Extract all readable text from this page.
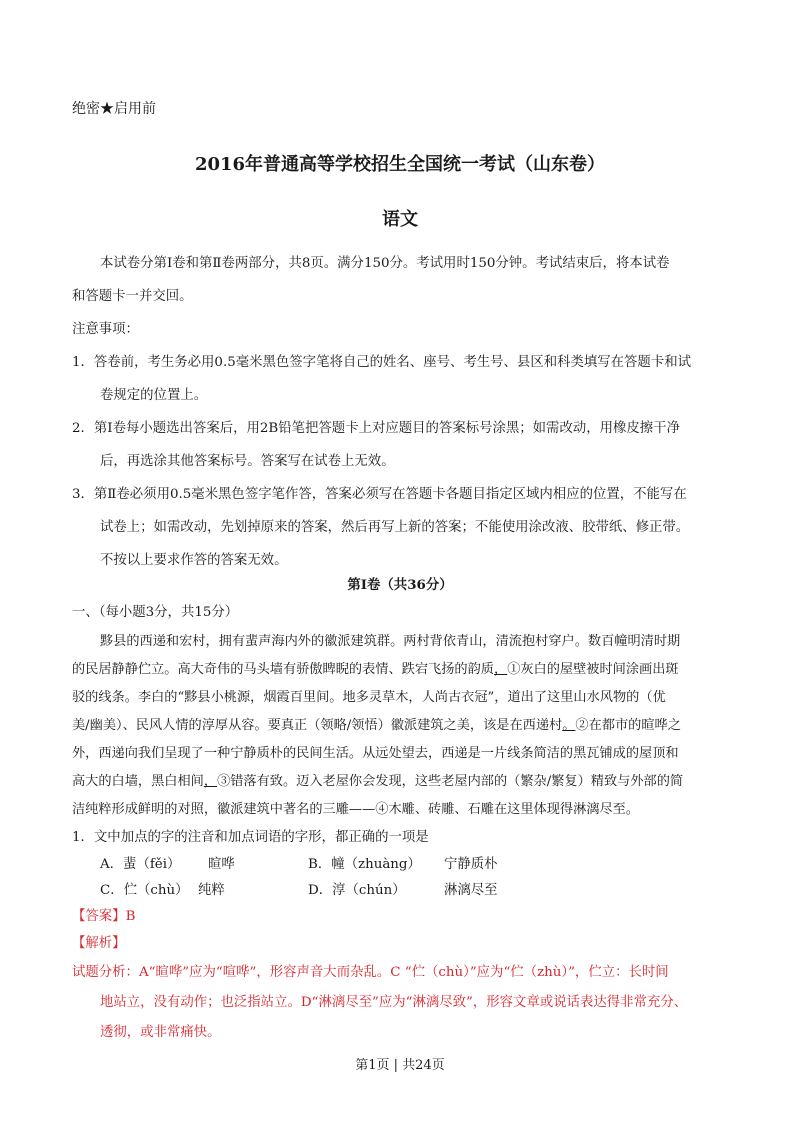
绝密★启用前
2016年普通高等学校招生全国统一考试（山东卷）
语文
本试卷分第Ⅰ卷和第Ⅱ卷两部分，共8页。满分150分。考试用时150分钟。考试结束后，将本试卷
和答题卡一并交回。
注意事项：
1．答卷前，考生务必用0.5毫米黑色签字笔将自己的姓名、座号、考生号、县区和科类填写在答题卡和试
卷规定的位置上。
2．第Ⅰ卷每小题选出答案后，用2B铅笔把答题卡上对应题目的答案标号涂黑；如需改动，用橡皮擦干净
后，再选涂其他答案标号。答案写在试卷上无效。
3．第Ⅱ卷必须用0.5毫米黑色签字笔作答，答案必须写在答题卡各题目指定区域内相应的位置，不能写在
试卷上；如需改动，先划掉原来的答案，然后再写上新的答案；不能使用涂改液、胶带纸、修正带。
不按以上要求作答的答案无效。
第Ⅰ卷（共36分）
一、（每小题3分，共15分）
黟县的西递和宏村，拥有蜚声海内外的徽派建筑群。两村背依青山，清流抱村穿户。数百幢明清时期
的民居静静伫立。高大奇伟的马头墙有骄傲睥睨的表情、跌宕飞扬的韵质，①灰白的屋壁被时间涂画出斑
驳的线条。李白的“黟县小桃源，烟霞百里间。地多灵草木，人尚古衣冠”，道出了这里山水风物的（优
美/幽美）、民风人情的淳厚从容。要真正（领略/领悟）徽派建筑之美，该是在西递村。②在都市的暄哗之
外，西递向我们呈现了一种宁静质朴的民间生活。从远处望去，西递是一片线条简洁的黑瓦铺成的屋顶和
高大的白墙，黑白相间，③错落有致。迈入老屋你会发现，这些老屋内部的（繁杂/繁复）精致与外部的简
洁纯粹形成鲜明的对照，徽派建筑中著名的三雕——④木雕、砖雕、石雕在这里体现得淋漓尽至。
1．文中加点的字的注音和加点词语的字形，都正确的一项是
A．蜚（fěi） 暄哗	B．幢（zhuàng） 宁静质朴
C．伫（chù） 纯粹	D．淳（chún）	淋漓尽至
【答案】B
【解析】
试题分析：A“暄哗”应为“喧哗”，形容声音大而杂乱。C “伫（chù）”应为“伫（zhù）”，伫立：长时间
地站立，没有动作；也泛指站立。D“淋漓尽至”应为“淋漓尽致”，形容文章或说话表达得非常充分、
透彻，或非常痛快。
第1页 | 共24页
